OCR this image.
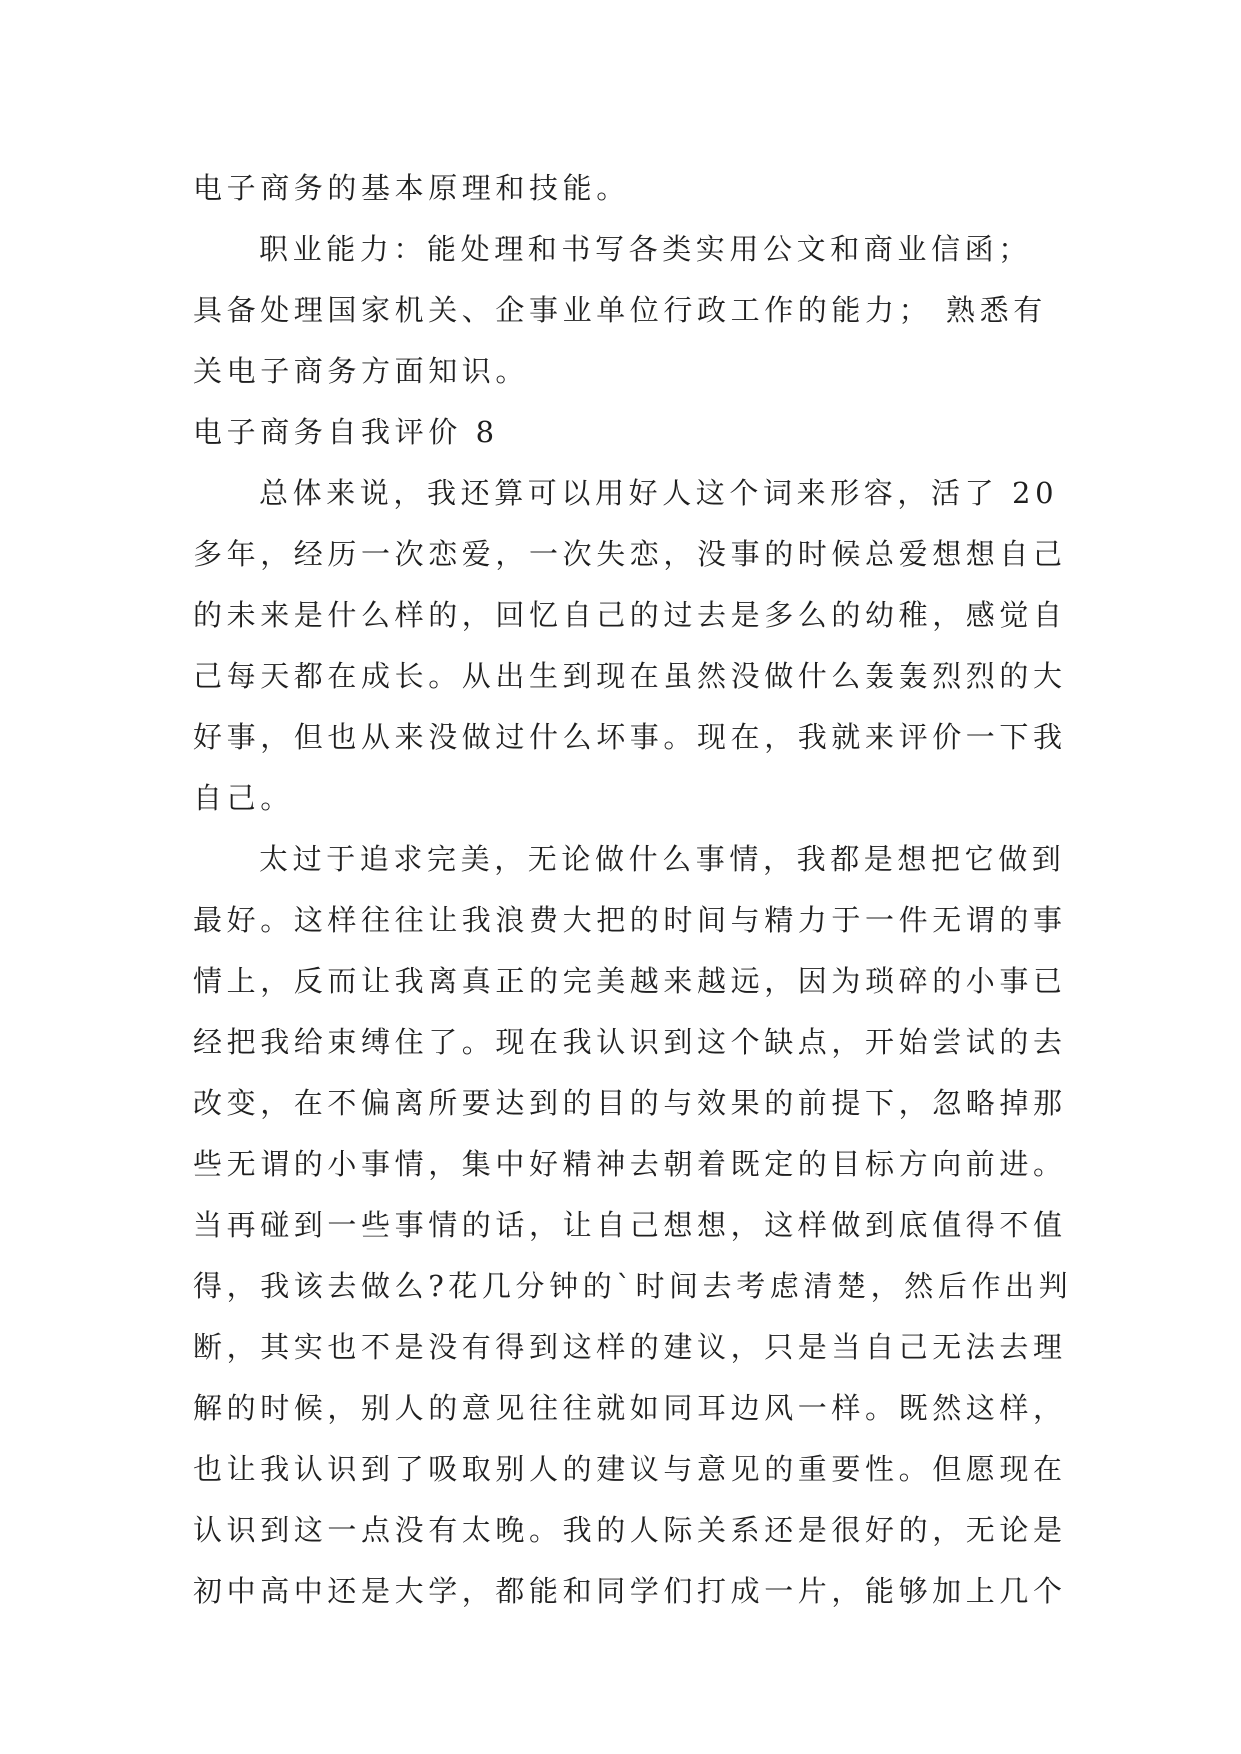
电子商务的基本原理和技能。
职业能力：能处理和书写各类实用公文和商业信函；
具备处理国家机关、企事业单位行政工作的能力； 熟悉有
关电子商务方面知识。
电子商务自我评价 8
总体来说，我还算可以用好人这个词来形容，活了 20
多年，经历一次恋爱，一次失恋，没事的时候总爱想想自己
的未来是什么样的，回忆自己的过去是多么的幼稚，感觉自
己每天都在成长。从出生到现在虽然没做什么轰轰烈烈的大
好事，但也从来没做过什么坏事。现在，我就来评价一下我
自己。
太过于追求完美，无论做什么事情，我都是想把它做到
最好。这样往往让我浪费大把的时间与精力于一件无谓的事
情上，反而让我离真正的完美越来越远，因为琐碎的小事已
经把我给束缚住了。现在我认识到这个缺点，开始尝试的去
改变，在不偏离所要达到的目的与效果的前提下，忽略掉那
些无谓的小事情，集中好精神去朝着既定的目标方向前进。
当再碰到一些事情的话，让自己想想，这样做到底值得不值
得，我该去做么?花几分钟的`时间去考虑清楚，然后作出判
断，其实也不是没有得到这样的建议，只是当自己无法去理
解的时候，别人的意见往往就如同耳边风一样。既然这样，
也让我认识到了吸取别人的建议与意见的重要性。但愿现在
认识到这一点没有太晚。我的人际关系还是很好的，无论是
初中高中还是大学，都能和同学们打成一片，能够加上几个
